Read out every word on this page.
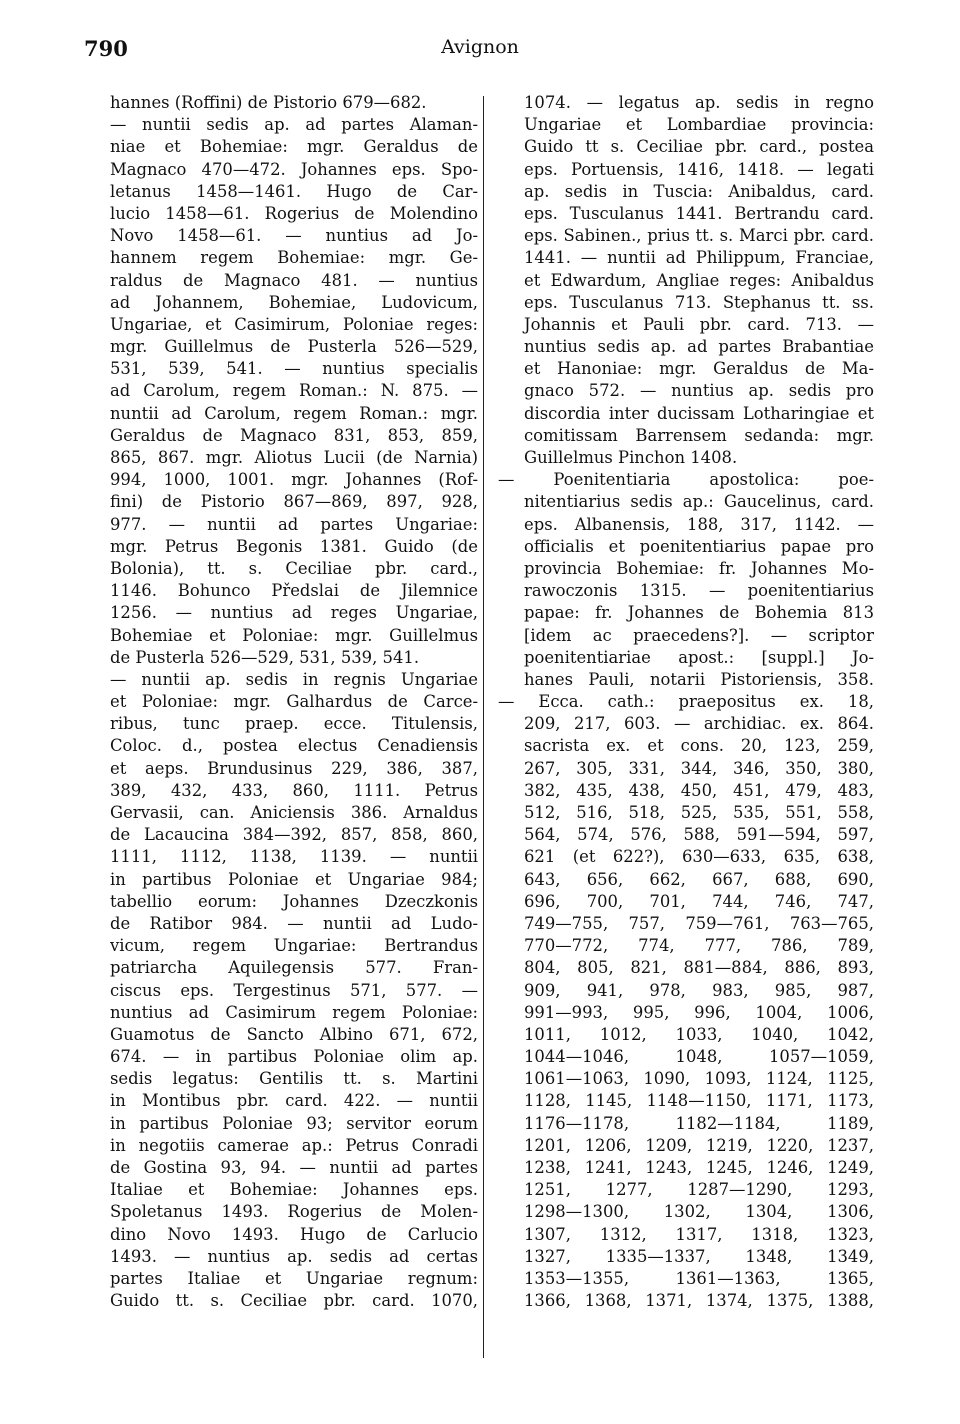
790	Avignon
hannes (Roffini) de Pistorio 679—682.
— nuntii sedis ap. ad partes Alaman-
niae et Bohemiae: mgr. Geraldus de
Magnaco 470—472. Johannes eps. Spo-
letanus 1458—1461. Hugo de Car-
lucio 1458—61. Rogerius de Molendino
Novo 1458—61. — nuntius ad Jo-
hannem regem Bohemiae: mgr. Ge-
raldus de Magnaco 481. — nuntius
ad Johannem, Bohemiae, Ludovicum,
Ungariae, et Casimirum, Poloniae reges:
mgr. Guillelmus de Pusterla 526—529,
531, 539, 541. — nuntius specialis
ad Carolum, regem Roman.: N. 875. —
nuntii ad Carolum, regem Roman.: mgr.
Geraldus de Magnaco 831, 853, 859,
865, 867. mgr. Aliotus Lucii (de Narnia)
994, 1000, 1001. mgr. Johannes (Rof-
fini) de Pistorio 867—869, 897, 928,
977. — nuntii ad partes Ungariae:
mgr. Petrus Begonis 1381. Guido (de
Bolonia), tt. s. Ceciliae pbr. card.,
1146. Bohunco Předslai de Jilemnice
1256. — nuntius ad reges Ungariae,
Bohemiae et Poloniae: mgr. Guillelmus
de Pusterla 526—529, 531, 539, 541.
— nuntii ap. sedis in regnis Ungariae
et Poloniae: mgr. Galhardus de Carce-
ribus, tunc praep. ecce. Titulensis,
Coloc. d., postea electus Cenadiensis
et aeps. Brundusinus 229, 386, 387,
389, 432, 433, 860, 1111. Petrus
Gervasii, can. Aniciensis 386. Arnaldus
de Lacaucina 384—392, 857, 858, 860,
1111, 1112, 1138, 1139. — nuntii
in partibus Poloniae et Ungariae 984;
tabellio eorum: Johannes Dzeczkonis
de Ratibor 984. — nuntii ad Ludo-
vicum, regem Ungariae: Bertrandus
patriarcha Aquilegensis 577. Fran-
ciscus eps. Tergestinus 571, 577. —
nuntius ad Casimirum regem Poloniae:
Guamotus de Sancto Albino 671, 672,
674. — in partibus Poloniae olim ap.
sedis legatus: Gentilis tt. s. Martini
in Montibus pbr. card. 422. — nuntii
in partibus Poloniae 93; servitor eorum
in negotiis camerae ap.: Petrus Conradi
de Gostina 93, 94. — nuntii ad partes
Italiae et Bohemiae: Johannes eps.
Spoletanus 1493. Rogerius de Molen-
dino Novo 1493. Hugo de Carlucio
1493. — nuntius ap. sedis ad certas
partes Italiae et Ungariae regnum:
Guido tt. s. Ceciliae pbr. card. 1070,
1074. — legatus ap. sedis in regno
Ungariae et Lombardiae provincia:
Guido tt s. Ceciliae pbr. card., postea
eps. Portuensis, 1416, 1418. — legati
ap. sedis in Tuscia: Anibaldus, card.
eps. Tusculanus 1441. Bertrandu card.
eps. Sabinen., prius tt. s. Marci pbr. card.
1441. — nuntii ad Philippum, Franciae,
et Edwardum, Angliae reges: Anibaldus
eps. Tusculanus 713. Stephanus tt. ss.
Johannis et Pauli pbr. card. 713. —
nuntius sedis ap. ad partes Brabantiae
et Hanoniae: mgr. Geraldus de Ma-
gnaco 572. — nuntius ap. sedis pro
discordia inter ducissam Lotharingiae et
comitissam Barrensem sedanda: mgr.
Guillelmus Pinchon 1408.
— Poenitentiaria apostolica: poe-
nitentiarius sedis ap.: Gaucelinus, card.
eps. Albanensis, 188, 317, 1142. —
officialis et poenitentiarius papae pro
provincia Bohemiae: fr. Johannes Mo-
rawoczonis 1315. — poenitentiarius
papae: fr. Johannes de Bohemia 813
[idem ac praecedens?]. — scriptor
poenitentiariae apost.: [suppl.] Jo-
hanes Pauli, notarii Pistoriensis, 358.
— Ecca. cath.: praepositus ex. 18,
209, 217, 603. — archidiac. ex. 864.
sacrista ex. et cons. 20, 123, 259,
267, 305, 331, 344, 346, 350, 380,
382, 435, 438, 450, 451, 479, 483,
512, 516, 518, 525, 535, 551, 558,
564, 574, 576, 588, 591—594, 597,
621 (et 622?), 630—633, 635, 638,
643, 656, 662, 667, 688, 690,
696, 700, 701, 744, 746, 747,
749—755, 757, 759—761, 763—765,
770—772, 774, 777, 786, 789,
804, 805, 821, 881—884, 886, 893,
909, 941, 978, 983, 985, 987,
991—993, 995, 996, 1004, 1006,
1011, 1012, 1033, 1040, 1042,
1044—1046, 1048, 1057—1059,
1061—1063, 1090, 1093, 1124, 1125,
1128, 1145, 1148—1150, 1171, 1173,
1176—1178, 1182—1184, 1189,
1201, 1206, 1209, 1219, 1220, 1237,
1238, 1241, 1243, 1245, 1246, 1249,
1251, 1277, 1287—1290, 1293,
1298—1300, 1302, 1304, 1306,
1307, 1312, 1317, 1318, 1323,
1327, 1335—1337, 1348, 1349,
1353—1355, 1361—1363, 1365,
1366, 1368, 1371, 1374, 1375, 1388,
